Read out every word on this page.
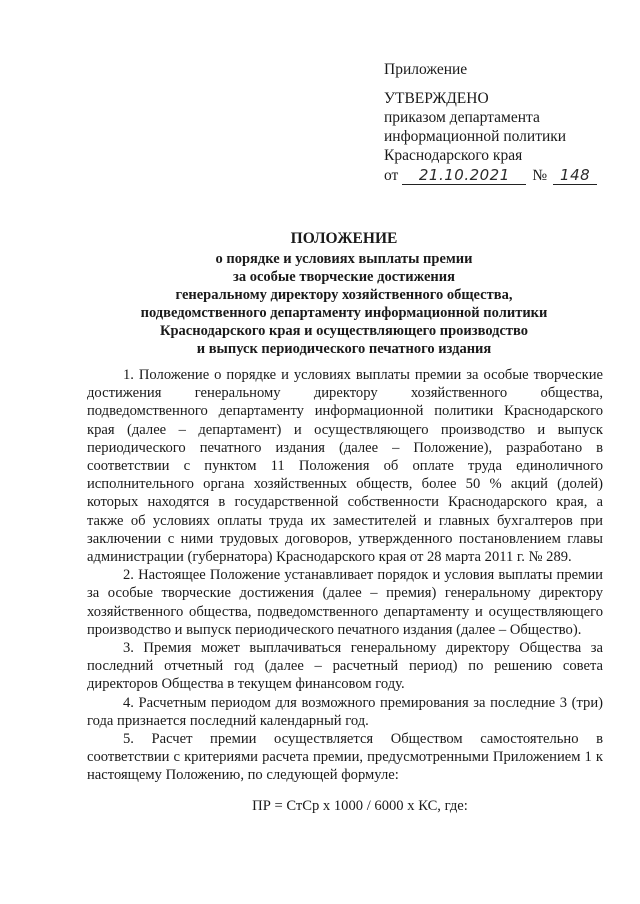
Приложение
УТВЕРЖДЕНО
приказом департамента
информационной политики
Краснодарского края
от	21.10.2021	№ 148
ПОЛОЖЕНИЕ
о порядке и условиях выплаты премии
за особые творческие достижения
генеральному директору хозяйственного общества,
подведомственного департаменту информационной политики
Краснодарского края и осуществляющего производство
и выпуск периодического печатного издания

1. Положение о порядке и условиях выплаты премии за особые творческие достижения генеральному директору хозяйственного общества, подведомственного департаменту информационной политики Краснодарского края (далее – департамент) и осуществляющего производство и выпуск периодического печатного издания (далее – Положение), разработано в соответствии с пунктом 11 Положения об оплате труда единоличного исполнительного органа хозяйственных обществ, более 50 % акций (долей) которых находятся в государственной собственности Краснодарского края, а также об условиях оплаты труда их заместителей и главных бухгалтеров при заключении с ними трудовых договоров, утвержденного постановлением главы администрации (губернатора) Краснодарского края от 28 марта 2011 г. № 289.

2. Настоящее Положение устанавливает порядок и условия выплаты премии за особые творческие достижения (далее – премия) генеральному директору хозяйственного общества, подведомственного департаменту и осуществляющего производство и выпуск периодического печатного издания (далее – Общество).

3. Премия может выплачиваться генеральному директору Общества за последний отчетный год (далее – расчетный период) по решению совета директоров Общества в текущем финансовом году.

4. Расчетным периодом для возможного премирования за последние 3 (три) года признается последний календарный год.

5. Расчет премии осуществляется Обществом самостоятельно в соответствии с критериями расчета премии, предусмотренными Приложением 1 к настоящему Положению, по следующей формуле:

ПР = СтСр х 1000 / 6000 х КС, где:
